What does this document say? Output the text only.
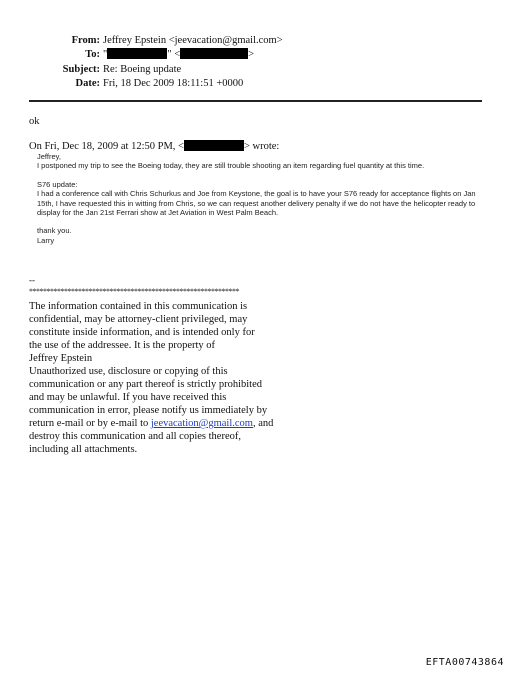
From: Jeffrey Epstein <jeevacation@gmail.com>
To: "	" <	>
Subject: Re: Boeing update
Date: Fri, 18 Dec 2009 18:11:51 +0000
ok
On Fri, Dec 18, 2009 at 12:50 PM, <	> wrote:

Jeffrey,
I postponed my trip to see the Boeing today, they are still trouble shooting an item regarding fuel quantity at this time.

S76 update:
I had a conference call with Chris Schurkus and Joe from Keystone, the goal is to have your S76 ready for acceptance flights on Jan 15th, I have requested this in witting from Chris, so we can request another delivery penalty if we do not have the helicopter ready to display for the Jan 21st Ferrari show at Jet Aviation in West Palm Beach.

thank you.
Larry

--
************************************************************
The information contained in this communication is
confidential, may be attorney-client privileged, may
constitute inside information, and is intended only for
the use of the addressee. It is the property of
Jeffrey Epstein
Unauthorized use, disclosure or copying of this
communication or any part thereof is strictly prohibited
and may be unlawful. If you have received this
communication in error, please notify us immediately by
return e-mail or by e-mail to jeevacation@gmail.com, and
destroy this communication and all copies thereof,
including all attachments.
EFTA00743864
